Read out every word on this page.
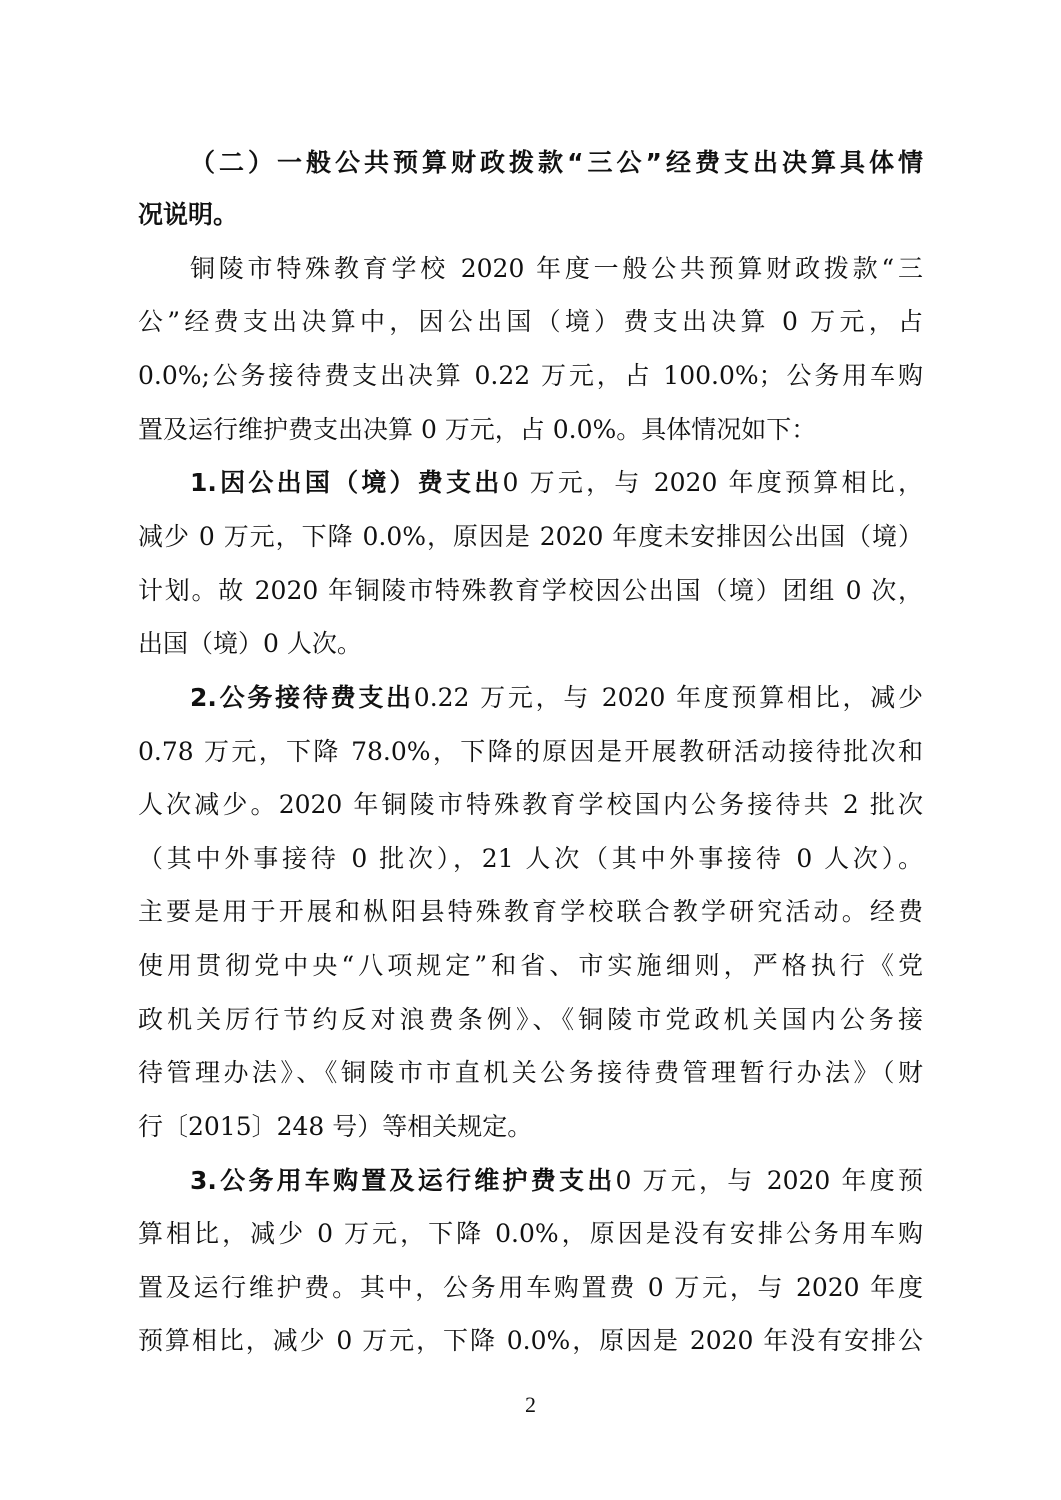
（二）一般公共预算财政拨款“三公”经费支出决算具体情
况说明。
铜陵市特殊教育学校 2020 年度一般公共预算财政拨款“三
公”经费支出决算中，因公出国（境）费支出决算 0 万元，占
0.0%;公务接待费支出决算 0.22 万元，占 100.0%；公务用车购
置及运行维护费支出决算 0 万元，占 0.0%。具体情况如下：
1.因公出国（境）费支出0 万元，与 2020 年度预算相比，
减少 0 万元，下降 0.0%，原因是 2020 年度未安排因公出国（境）
计划。故 2020 年铜陵市特殊教育学校因公出国（境）团组 0 次，
出国（境）0 人次。
2.公务接待费支出0.22 万元，与 2020 年度预算相比，减少
0.78 万元，下降 78.0%，下降的原因是开展教研活动接待批次和
人次减少。2020 年铜陵市特殊教育学校国内公务接待共 2 批次
（其中外事接待 0 批次），21 人次（其中外事接待 0 人次）。
主要是用于开展和枞阳县特殊教育学校联合教学研究活动。经费
使用贯彻党中央“八项规定”和省、市实施细则，严格执行《党
政机关厉行节约反对浪费条例》、《铜陵市党政机关国内公务接
待管理办法》、《铜陵市市直机关公务接待费管理暂行办法》（财
行〔2015〕248 号）等相关规定。
3.公务用车购置及运行维护费支出0 万元，与 2020 年度预
算相比，减少 0 万元，下降 0.0%，原因是没有安排公务用车购
置及运行维护费。其中，公务用车购置费 0 万元，与 2020 年度
预算相比，减少 0 万元，下降 0.0%，原因是 2020 年没有安排公
2
